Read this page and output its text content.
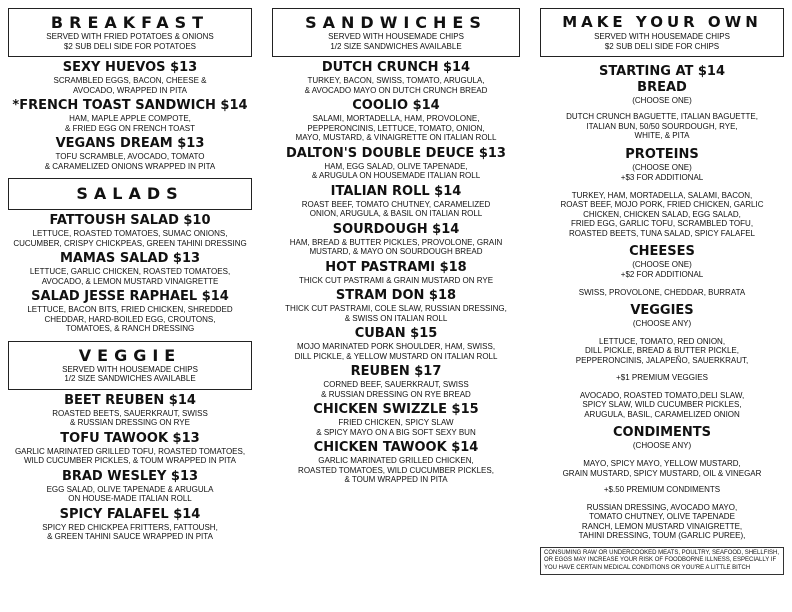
BREAKFAST
SERVED WITH FRIED POTATOES & ONIONS
$2 SUB DELI SIDE FOR POTATOES
SEXY HUEVOS $13
SCRAMBLED EGGS, BACON, CHEESE &
AVOCADO, WRAPPED IN PITA
*FRENCH TOAST SANDWICH $14
HAM, MAPLE APPLE COMPOTE,
& FRIED EGG ON FRENCH TOAST
VEGANS DREAM $13
TOFU SCRAMBLE, AVOCADO, TOMATO
& CARAMELIZED ONIONS WRAPPED IN PITA
SALADS
FATTOUSH SALAD $10
LETTUCE, ROASTED TOMATOES, SUMAC ONIONS,
CUCUMBER, CRISPY CHICKPEAS, GREEN TAHINI DRESSING
MAMAS SALAD $13
LETTUCE, GARLIC CHICKEN, ROASTED TOMATOES,
AVOCADO, & LEMON MUSTARD VINAIGRETTE
SALAD JESSE RAPHAEL $14
LETTUCE, BACON BITS, FRIED CHICKEN, SHREDDED
CHEDDAR, HARD-BOILED EGG, CROUTONS,
TOMATOES, & RANCH DRESSING
VEGGIE
SERVED WITH HOUSEMADE CHIPS
1/2 SIZE SANDWICHES AVAILABLE
BEET REUBEN $14
ROASTED BEETS, SAUERKRAUT, SWISS
& RUSSIAN DRESSING ON RYE
TOFU TAWOOK $13
GARLIC MARINATED GRILLED TOFU, ROASTED TOMATOES,
WILD CUCUMBER PICKLES, & TOUM WRAPPED IN PITA
BRAD WESLEY $13
EGG SALAD, OLIVE TAPENADE & ARUGULA
ON HOUSE-MADE ITALIAN ROLL
SPICY FALAFEL $14
SPICY RED CHICKPEA FRITTERS, FATTOUSH,
& GREEN TAHINI SAUCE WRAPPED IN PITA
SANDWICHES
SERVED WITH HOUSEMADE CHIPS
1/2 SIZE SANDWICHES AVAILABLE
DUTCH CRUNCH $14
TURKEY, BACON, SWISS, TOMATO, ARUGULA,
& AVOCADO MAYO ON DUTCH CRUNCH BREAD
COOLIO $14
SALAMI, MORTADELLA, HAM, PROVOLONE,
PEPPERONCINIS, LETTUCE, TOMATO, ONION,
MAYO, MUSTARD, & VINAIGRETTE ON ITALIAN ROLL
DALTON'S DOUBLE DEUCE $13
HAM, EGG SALAD, OLIVE TAPENADE,
& ARUGULA ON HOUSEMADE ITALIAN ROLL
ITALIAN ROLL $14
ROAST BEEF, TOMATO CHUTNEY, CARAMELIZED
ONION, ARUGULA, & BASIL ON ITALIAN ROLL
SOURDOUGH $14
HAM, BREAD & BUTTER PICKLES, PROVOLONE, GRAIN
MUSTARD, & MAYO ON SOURDOUGH BREAD
HOT PASTRAMI $18
THICK CUT PASTRAMI & GRAIN MUSTARD ON RYE
STRAM DON $18
THICK CUT PASTRAMI, COLE SLAW, RUSSIAN DRESSING,
& SWISS ON ITALIAN ROLL
CUBAN $15
MOJO MARINATED PORK SHOULDER, HAM, SWISS,
DILL PICKLE, & YELLOW MUSTARD ON ITALIAN ROLL
REUBEN $17
CORNED BEEF, SAUERKRAUT, SWISS
& RUSSIAN DRESSING ON RYE BREAD
CHICKEN SWIZZLE $15
FRIED CHICKEN, SPICY SLAW
& SPICY MAYO ON A BIG SOFT SEXY BUN
CHICKEN TAWOOK $14
GARLIC MARINATED GRILLED CHICKEN,
ROASTED TOMATOES, WILD CUCUMBER PICKLES,
& TOUM WRAPPED IN PITA
MAKE YOUR OWN
SERVED WITH HOUSEMADE CHIPS
$2 SUB DELI SIDE FOR CHIPS
STARTING AT $14
BREAD
(CHOOSE ONE)
DUTCH CRUNCH BAGUETTE, ITALIAN BAGUETTE,
ITALIAN BUN, 50/50 SOURDOUGH, RYE,
WHITE, & PITA
PROTEINS
(CHOOSE ONE)
+$3 FOR ADDITIONAL
TURKEY, HAM, MORTADELLA, SALAMI, BACON,
ROAST BEEF, MOJO PORK, FRIED CHICKEN, GARLIC
CHICKEN, CHICKEN SALAD, EGG SALAD,
FRIED EGG, GARLIC TOFU, SCRAMBLED TOFU,
ROASTED BEETS, TUNA SALAD, SPICY FALAFEL
CHEESES
(CHOOSE ONE)
+$2 FOR ADDITIONAL
SWISS, PROVOLONE, CHEDDAR, BURRATA
VEGGIES
(CHOOSE ANY)
LETTUCE, TOMATO, RED ONION,
DILL PICKLE, BREAD & BUTTER PICKLE,
PEPPERONCINIS, JALAPEÑO, SAUERKRAUT,
+$1 PREMIUM VEGGIES
AVOCADO, ROASTED TOMATO,DELI SLAW,
SPICY SLAW, WILD CUCUMBER PICKLES,
ARUGULA, BASIL, CARAMELIZED ONION
CONDIMENTS
(CHOOSE ANY)
MAYO, SPICY MAYO, YELLOW MUSTARD,
GRAIN MUSTARD, SPICY MUSTARD, OIL & VINEGAR
+$.50 PREMIUM CONDIMENTS
RUSSIAN DRESSING, AVOCADO MAYO,
TOMATO CHUTNEY, OLIVE TAPENADE
RANCH, LEMON MUSTARD VINAIGRETTE,
TAHINI DRESSING, TOUM (GARLIC PUREE),
CONSUMING RAW OR UNDERCOOKED MEATS, POULTRY, SEAFOOD, SHELLFISH,
OR EGGS MAY INCREASE YOUR RISK OF FOODBORNE ILLNESS, ESPECIALLY IF
YOU HAVE CERTAIN MEDICAL CONDITIONS OR YOU'RE A LITTLE BITCH
